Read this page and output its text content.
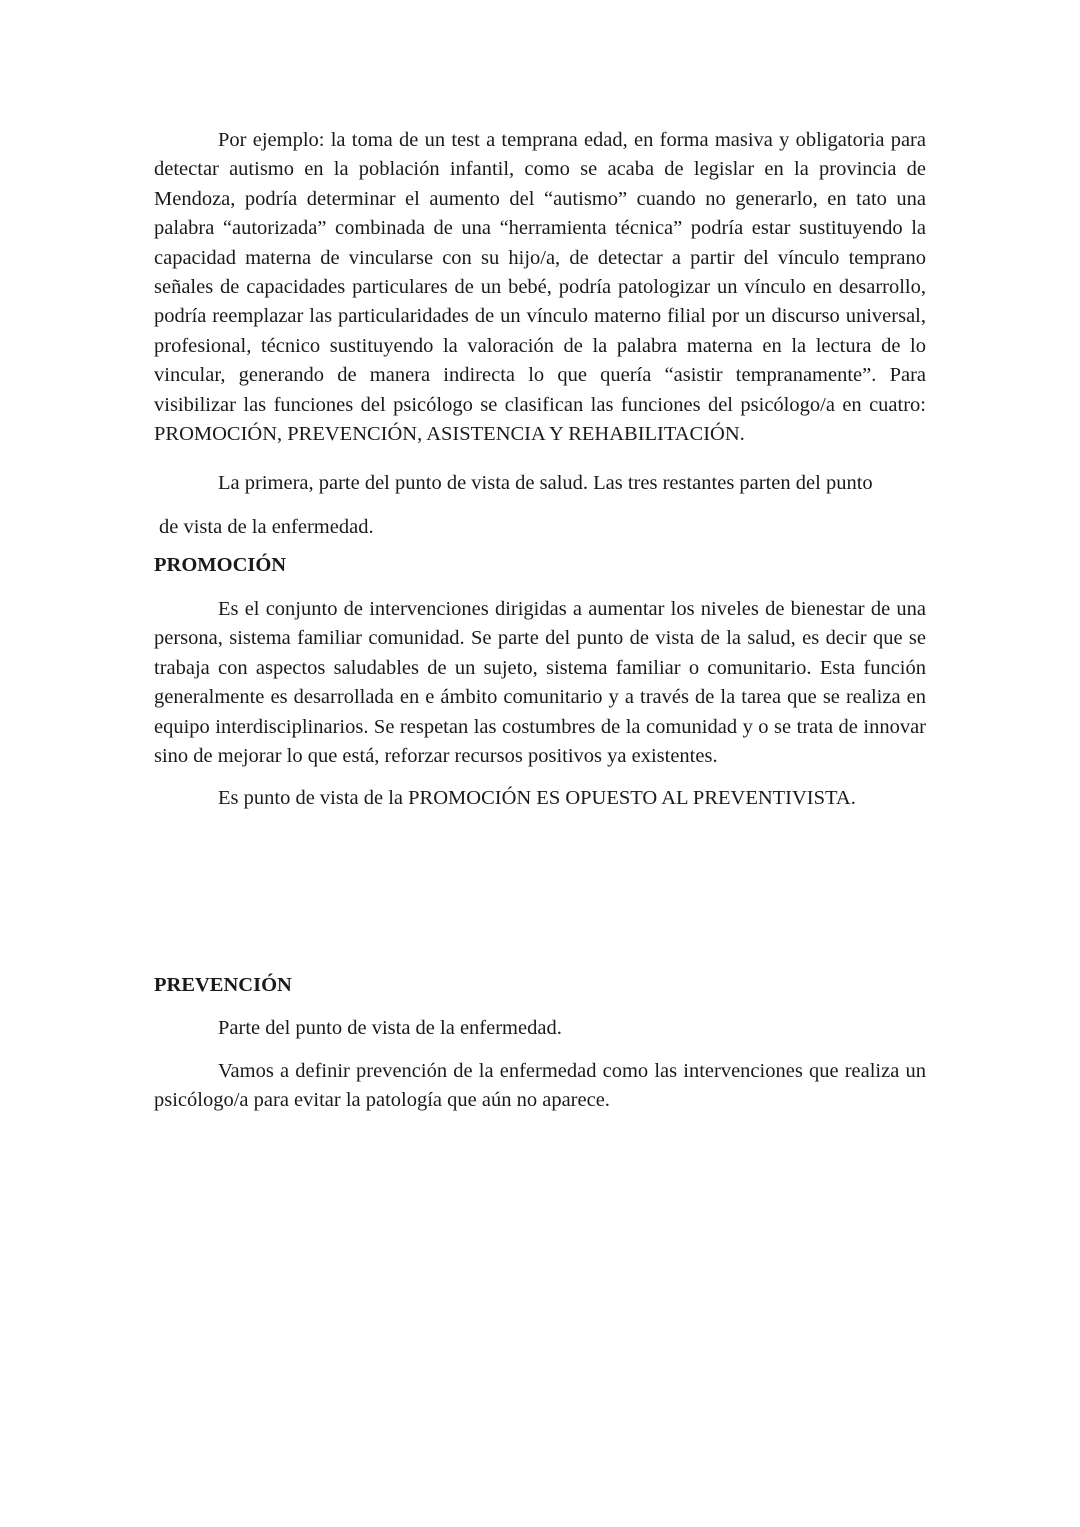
Por ejemplo: la toma de un test a temprana edad, en forma masiva y obligatoria para detectar autismo en la población infantil, como se acaba de legislar en la provincia de Mendoza, podría determinar el aumento del “autismo” cuando no generarlo, en tato una palabra “autorizada” combinada de una “herramienta técnica” podría estar sustituyendo la capacidad materna de vincularse con su hijo/a, de detectar a partir del vínculo temprano señales de capacidades particulares de un bebé, podría patologizar un vínculo en desarrollo, podría reemplazar las particularidades de un vínculo materno filial por un discurso universal, profesional, técnico sustituyendo la valoración de la palabra materna en la lectura de lo vincular, generando de manera indirecta lo que quería “asistir tempranamente”. Para visibilizar las funciones del psicólogo se clasifican las funciones del psicólogo/a en cuatro: PROMOCIÓN, PREVENCIÓN, ASISTENCIA Y REHABILITACIÓN.

La primera, parte del punto de vista de salud. Las tres restantes parten del punto
de vista de la enfermedad.

PROMOCIÓN

Es el conjunto de intervenciones dirigidas a aumentar los niveles de bienestar de una persona, sistema familiar comunidad. Se parte del punto de vista de la salud, es decir que se trabaja con aspectos saludables de un sujeto, sistema familiar o comunitario. Esta función generalmente es desarrollada en e ámbito comunitario y a través de la tarea que se realiza en equipo interdisciplinarios. Se respetan las costumbres de la comunidad y o se trata de innovar sino de mejorar lo que está, reforzar recursos positivos ya existentes.

Es punto de vista de la PROMOCIÓN ES OPUESTO AL PREVENTIVISTA.

PREVENCIÓN

Parte del punto de vista de la enfermedad.

Vamos a definir prevención de la enfermedad como las intervenciones que realiza un psicólogo/a para evitar la patología que aún no aparece.
